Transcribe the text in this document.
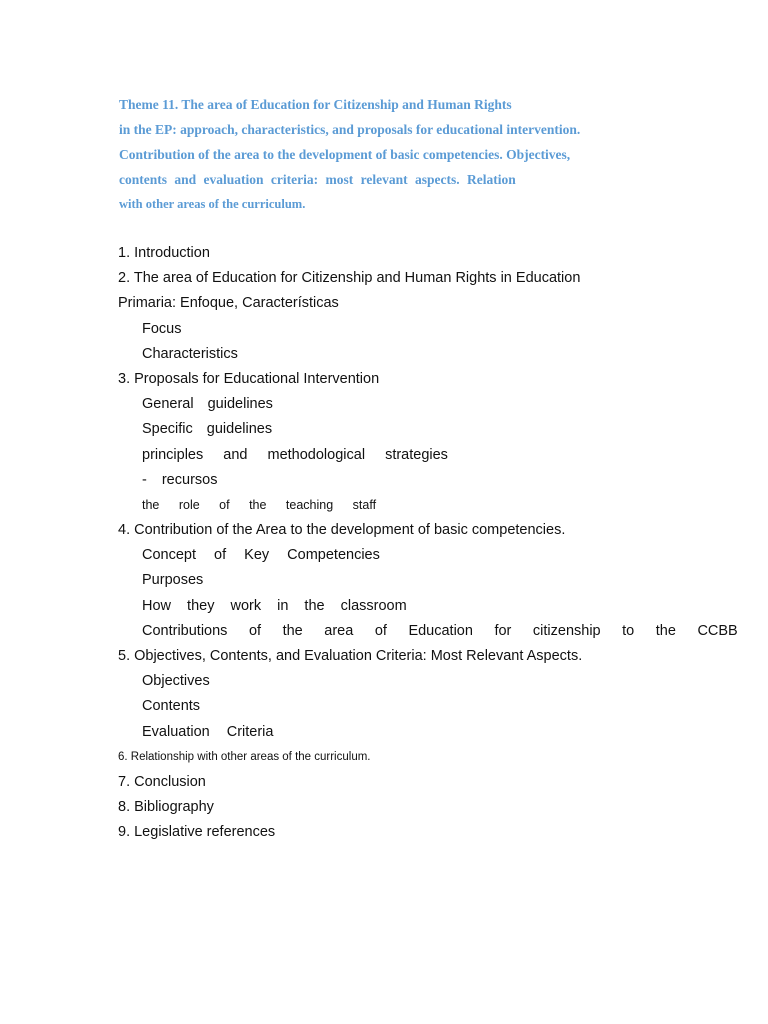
Theme 11. The area of Education for Citizenship and Human Rights
in the EP: approach, characteristics, and proposals for educational intervention.
Contribution of the area to the development of basic competencies. Objectives,
contents and evaluation criteria: most relevant aspects. Relation
with other areas of the curriculum.
1. Introduction
2. The area of Education for Citizenship and Human Rights in Education
Primaria: Enfoque, Características
Focus
Characteristics
3. Proposals for Educational Intervention
General guidelines
Specific guidelines
principles and methodological strategies
- recursos
the role of the teaching staff
4. Contribution of the Area to the development of basic competencies.
Concept of Key Competencies
Purposes
How they work in the classroom
Contributions of the area of Education for citizenship to the CCBB
5. Objectives, Contents, and Evaluation Criteria: Most Relevant Aspects.
Objectives
Contents
Evaluation Criteria
6. Relationship with other areas of the curriculum.
7. Conclusion
8. Bibliography
9. Legislative references
